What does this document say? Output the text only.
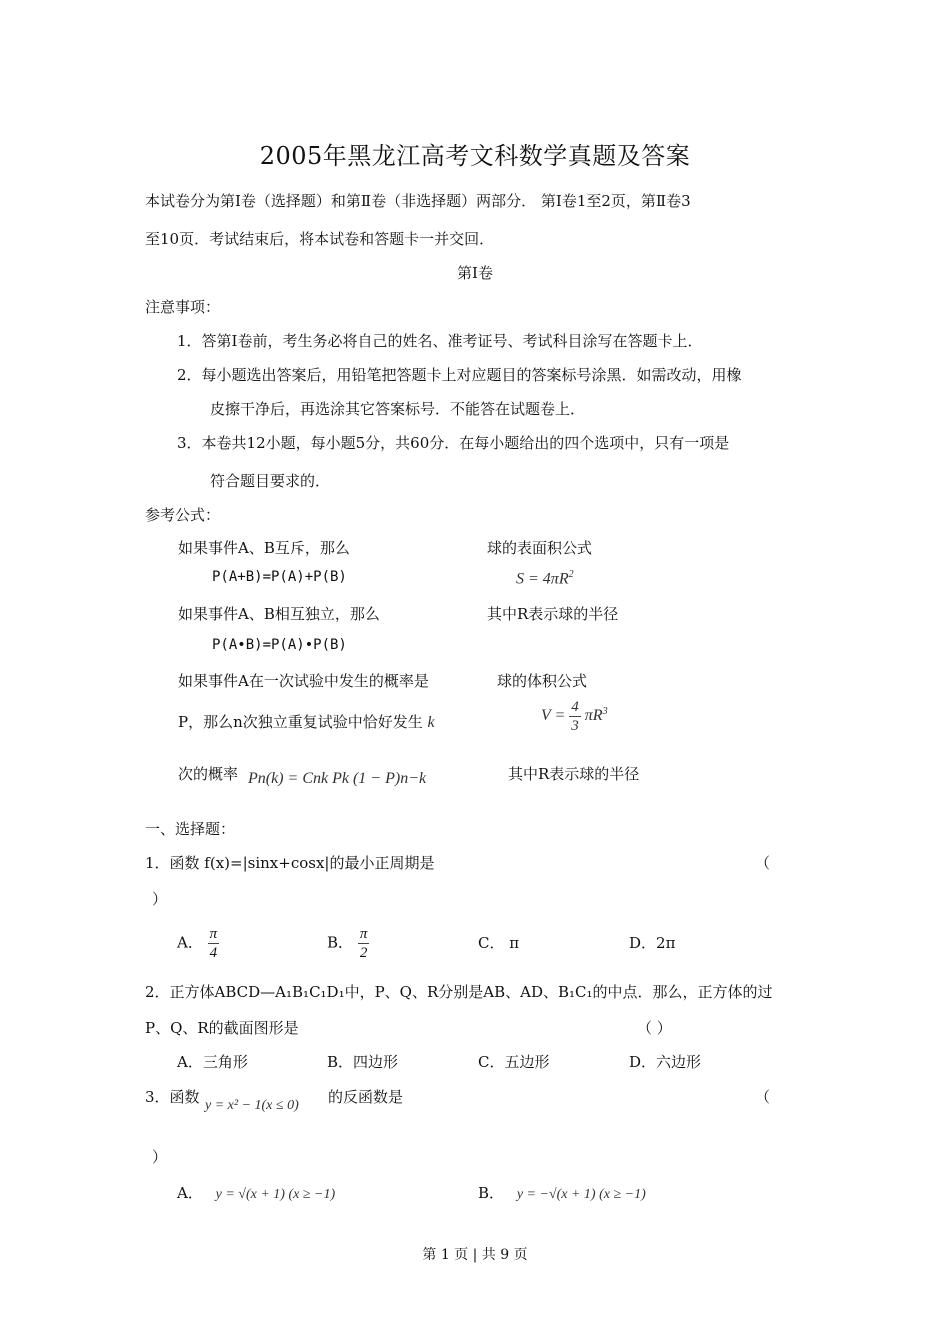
2005年黑龙江高考文科数学真题及答案
本试卷分为第Ⅰ卷（选择题）和第Ⅱ卷（非选择题）两部分． 第Ⅰ卷1至2页，第Ⅱ卷3
至10页．考试结束后，将本试卷和答题卡一并交回．
第Ⅰ卷
注意事项：
1．答第Ⅰ卷前，考生务必将自己的姓名、准考证号、考试科目涂写在答题卡上．
2．每小题选出答案后，用铅笔把答题卡上对应题目的答案标号涂黑．如需改动，用橡
皮擦干净后，再选涂其它答案标号．不能答在试题卷上．
3．本卷共12小题，每小题5分，共60分．在每小题给出的四个选项中，只有一项是
符合题目要求的．
参考公式：
如果事件A、B互斥，那么
P(A+B)=P(A)+P(B)
如果事件A、B相互独立，那么
P(A•B)=P(A)•P(B)
如果事件A在一次试验中发生的概率是
P，那么n次独立重复试验中恰好发生 k
次的概率 Pn(k) = Cnk Pk (1 − P)n−k
球的表面积公式
$S = 4\pi R^2$
其中R表示球的半径
球的体积公式
$V = \frac{4}{3} \pi R^3$
其中R表示球的半径
一、选择题：
1．函数 f(x)=|sinx+cosx|的最小正周期是	（
）
A． $\frac{\pi}{4}$	B． $\frac{\pi}{2}$	C． π	D．2π
2．正方体ABCD—A₁B₁C₁D₁中，P、Q、R分别是AB、AD、B₁C₁的中点．那么，正方体的过
P、Q、R的截面图形是	（ ）
A．三角形	B．四边形	C．五边形	D．六边形
3．函数 y = x² − 1(x ≤ 0) 的反函数是	（
）
A． y = √(x + 1) (x ≥ −1)	B． y = −√(x + 1) (x ≥ −1)
第 1 页 | 共 9 页
